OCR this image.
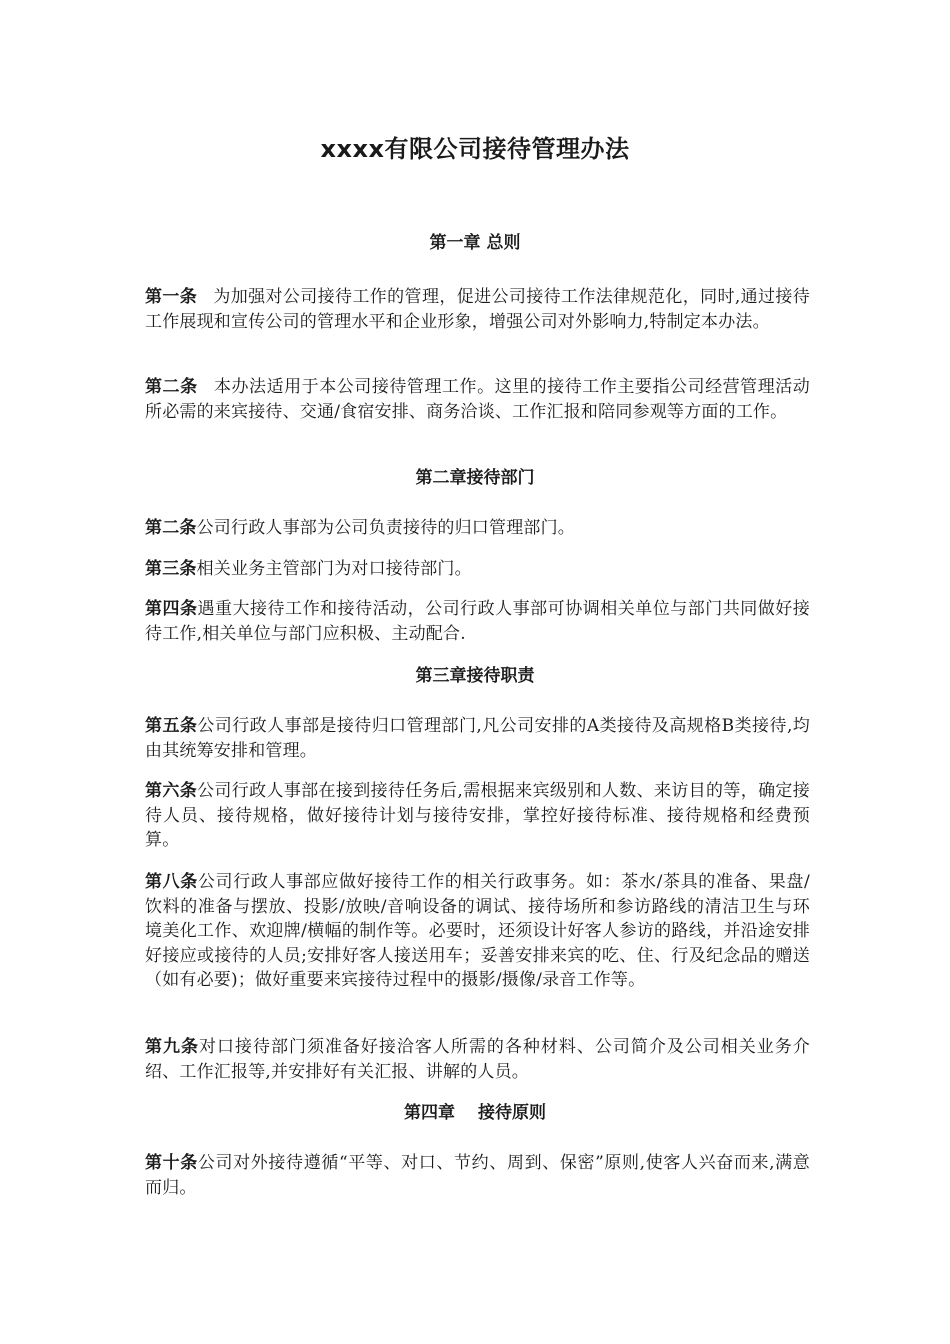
xxxx有限公司接待管理办法
第一章 总则
第一条 为加强对公司接待工作的管理，促进公司接待工作法律规范化，同时,通过接待工作展现和宣传公司的管理水平和企业形象，增强公司对外影响力,特制定本办法。
第二条 本办法适用于本公司接待管理工作。这里的接待工作主要指公司经营管理活动所必需的来宾接待、交通/食宿安排、商务洽谈、工作汇报和陪同参观等方面的工作。
第二章接待部门
第二条公司行政人事部为公司负责接待的归口管理部门。
第三条相关业务主管部门为对口接待部门。
第四条遇重大接待工作和接待活动，公司行政人事部可协调相关单位与部门共同做好接待工作,相关单位与部门应积极、主动配合.
第三章接待职责
第五条公司行政人事部是接待归口管理部门,凡公司安排的A类接待及高规格B类接待,均由其统筹安排和管理。
第六条公司行政人事部在接到接待任务后,需根据来宾级别和人数、来访目的等，确定接待人员、接待规格，做好接待计划与接待安排，掌控好接待标准、接待规格和经费预算。
第八条公司行政人事部应做好接待工作的相关行政事务。如：茶水/茶具的准备、果盘/饮料的准备与摆放、投影/放映/音响设备的调试、接待场所和参访路线的清洁卫生与环境美化工作、欢迎牌/横幅的制作等。必要时，还须设计好客人参访的路线，并沿途安排好接应或接待的人员;安排好客人接送用车；妥善安排来宾的吃、住、行及纪念品的赠送（如有必要)；做好重要来宾接待过程中的摄影/摄像/录音工作等。
第九条对口接待部门须准备好接洽客人所需的各种材料、公司简介及公司相关业务介绍、工作汇报等,并安排好有关汇报、讲解的人员。
第四章　 接待原则
第十条公司对外接待遵循“平等、对口、节约、周到、保密”原则,使客人兴奋而来,满意而归。
